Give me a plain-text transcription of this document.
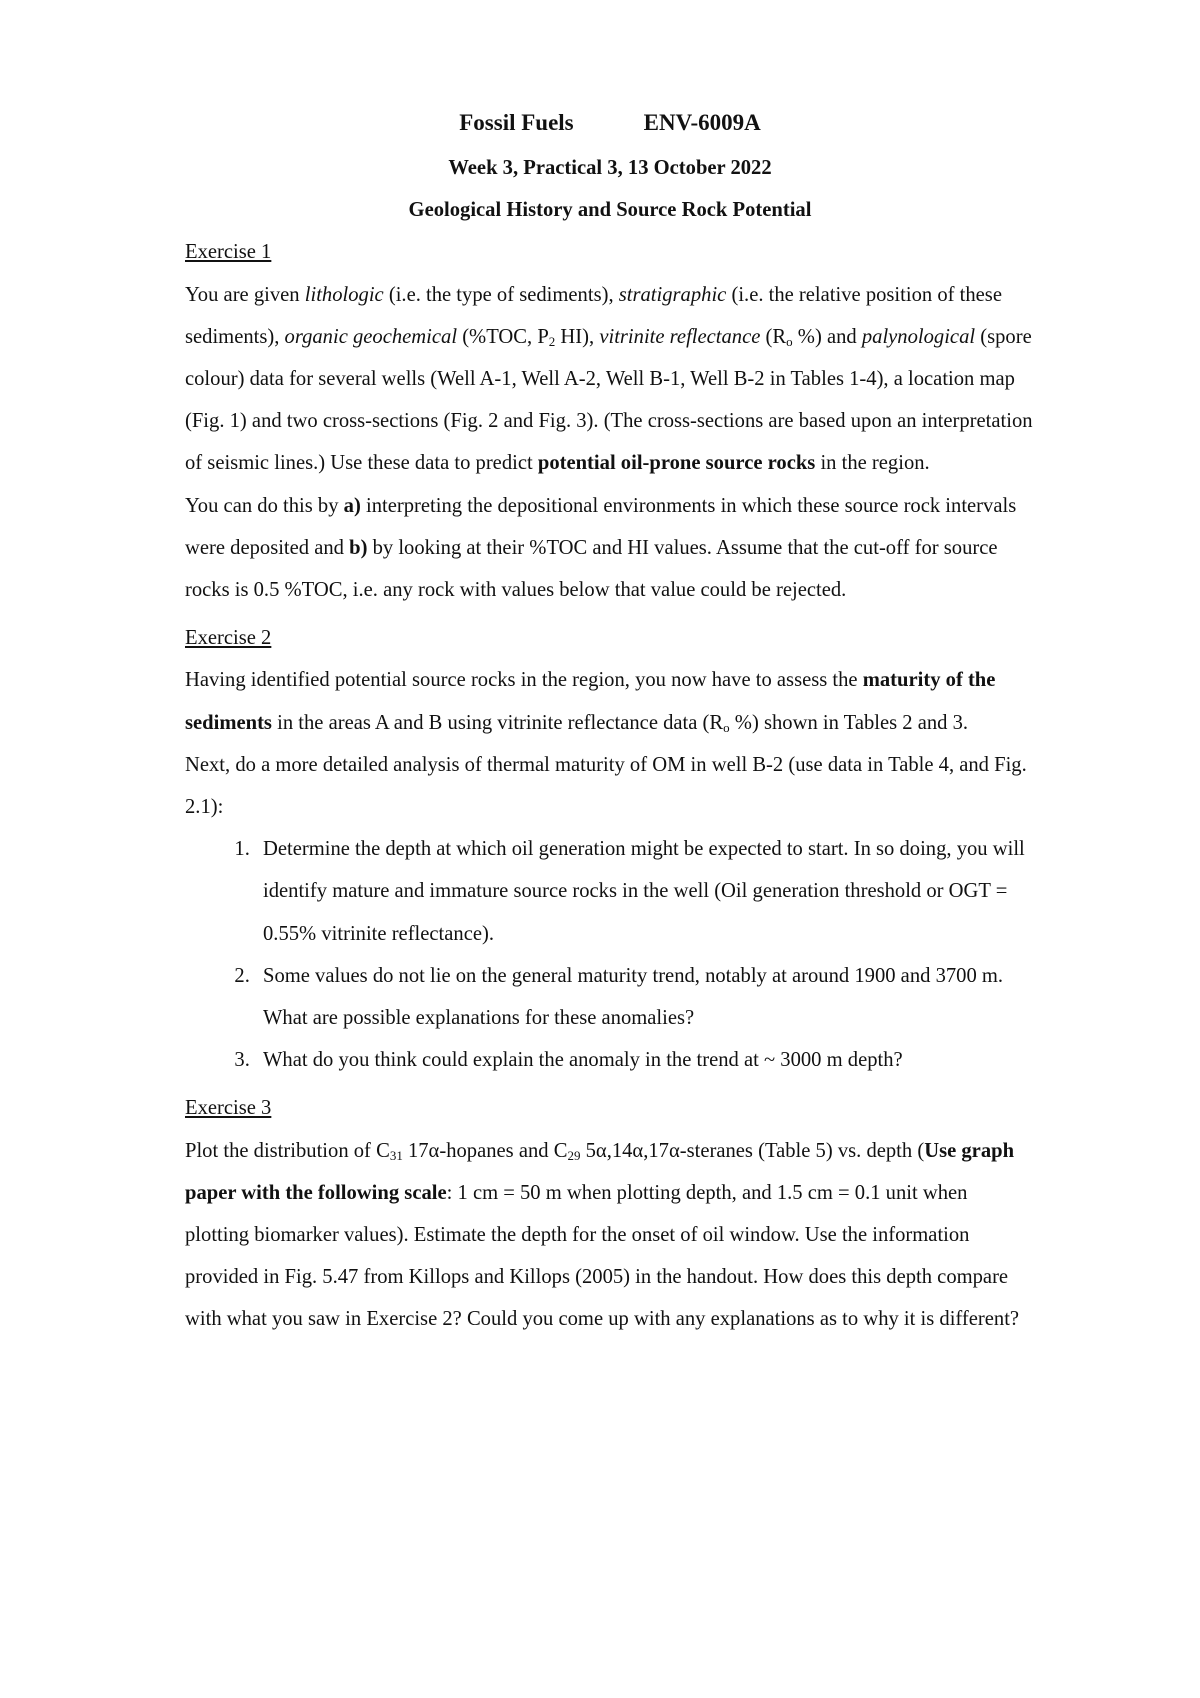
Fossil Fuels	ENV-6009A

Week 3, Practical 3, 13 October 2022

Geological History and Source Rock Potential

Exercise 1

You are given lithologic (i.e. the type of sediments), stratigraphic (i.e. the relative position of these sediments), organic geochemical (%TOC, $P_2$ HI), vitrinite reflectance ($R_o$ %) and palynological (spore colour) data for several wells (Well A-1, Well A-2, Well B-1, Well B-2 in Tables 1-4), a location map (Fig. 1) and two cross-sections (Fig. 2 and Fig. 3). (The cross-sections are based upon an interpretation of seismic lines.) Use these data to predict potential oil-prone source rocks in the region.

You can do this by a) interpreting the depositional environments in which these source rock intervals were deposited and b) by looking at their %TOC and HI values. Assume that the cut-off for source rocks is 0.5 %TOC, i.e. any rock with values below that value could be rejected.

Exercise 2

Having identified potential source rocks in the region, you now have to assess the maturity of the sediments in the areas A and B using vitrinite reflectance data ($R_o$ %) shown in Tables 2 and 3.

Next, do a more detailed analysis of thermal maturity of OM in well B-2 (use data in Table 4, and Fig. 2.1):

1. Determine the depth at which oil generation might be expected to start. In so doing, you will identify mature and immature source rocks in the well (Oil generation threshold or OGT = 0.55% vitrinite reflectance).
2. Some values do not lie on the general maturity trend, notably at around 1900 and 3700 m. What are possible explanations for these anomalies?
3. What do you think could explain the anomaly in the trend at ~ 3000 m depth?

Exercise 3

Plot the distribution of $C_{31}$ 17α-hopanes and $C_{29}$ 5α,14α,17α-steranes (Table 5) vs. depth (Use graph paper with the following scale: 1 cm = 50 m when plotting depth, and 1.5 cm = 0.1 unit when plotting biomarker values). Estimate the depth for the onset of oil window. Use the information provided in Fig. 5.47 from Killops and Killops (2005) in the handout. How does this depth compare with what you saw in Exercise 2? Could you come up with any explanations as to why it is different?
